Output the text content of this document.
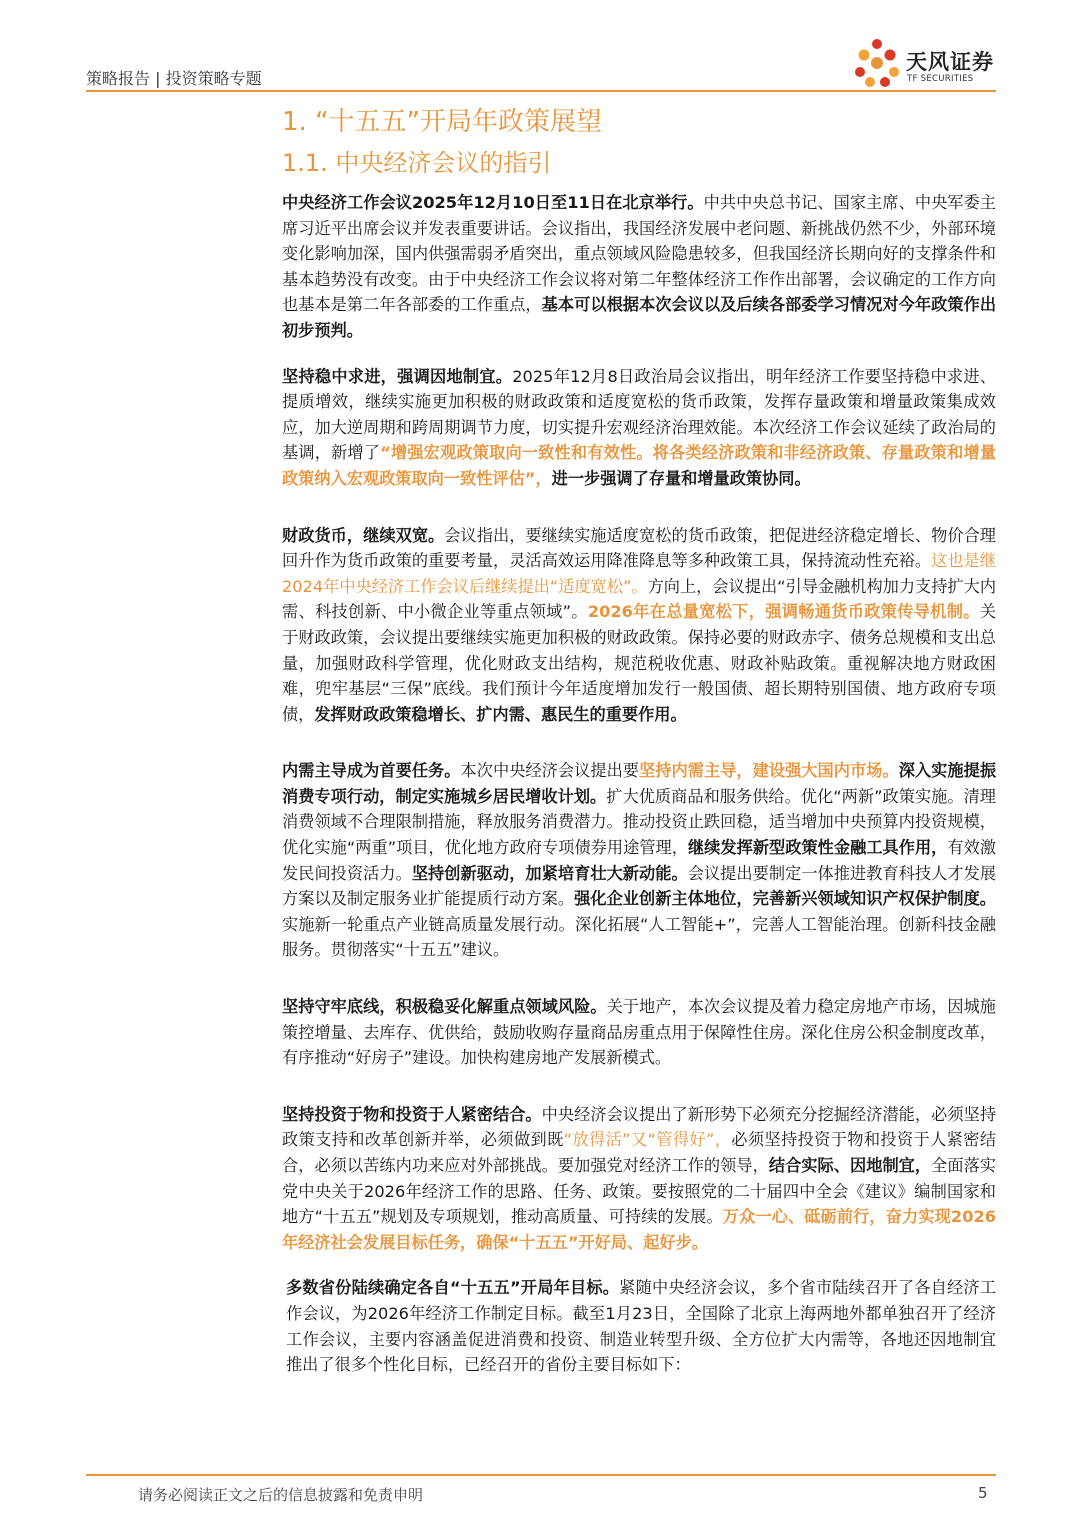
策略报告 | 投资策略专题
天风证券
TF SECURITIES
1. “十五五”开局年政策展望
1.1. 中央经济会议的指引

中央经济工作会议2025年12月10日至11日在北京举行。中共中央总书记、国家主席、中央军委主席习近平出席会议并发表重要讲话。会议指出，我国经济发展中老问题、新挑战仍然不少，外部环境变化影响加深，国内供强需弱矛盾突出，重点领域风险隐患较多，但我国经济长期向好的支撑条件和基本趋势没有改变。由于中央经济工作会议将对第二年整体经济工作作出部署，会议确定的工作方向也基本是第二年各部委的工作重点，基本可以根据本次会议以及后续各部委学习情况对今年政策作出初步预判。

坚持稳中求进，强调因地制宜。2025年12月8日政治局会议指出，明年经济工作要坚持稳中求进、提质增效，继续实施更加积极的财政政策和适度宽松的货币政策，发挥存量政策和增量政策集成效应，加大逆周期和跨周期调节力度，切实提升宏观经济治理效能。本次经济工作会议延续了政治局的基调，新增了“增强宏观政策取向一致性和有效性。将各类经济政策和非经济政策、存量政策和增量政策纳入宏观政策取向一致性评估”，进一步强调了存量和增量政策协同。

财政货币，继续双宽。会议指出，要继续实施适度宽松的货币政策，把促进经济稳定增长、物价合理回升作为货币政策的重要考量，灵活高效运用降准降息等多种政策工具，保持流动性充裕。这也是继2024年中央经济工作会议后继续提出“适度宽松”。方向上，会议提出“引导金融机构加力支持扩大内需、科技创新、中小微企业等重点领域”。2026年在总量宽松下，强调畅通货币政策传导机制。关于财政政策，会议提出要继续实施更加积极的财政政策。保持必要的财政赤字、债务总规模和支出总量，加强财政科学管理，优化财政支出结构，规范税收优惠、财政补贴政策。重视解决地方财政困难，兜牢基层“三保”底线。我们预计今年适度增加发行一般国债、超长期特别国债、地方政府专项债，发挥财政政策稳增长、扩内需、惠民生的重要作用。

内需主导成为首要任务。本次中央经济会议提出要坚持内需主导，建设强大国内市场。深入实施提振消费专项行动，制定实施城乡居民增收计划。扩大优质商品和服务供给。优化“两新”政策实施。清理消费领域不合理限制措施，释放服务消费潜力。推动投资止跌回稳，适当增加中央预算内投资规模，优化实施“两重”项目，优化地方政府专项债券用途管理，继续发挥新型政策性金融工具作用，有效激发民间投资活力。坚持创新驱动，加紧培育壮大新动能。会议提出要制定一体推进教育科技人才发展方案以及制定服务业扩能提质行动方案。强化企业创新主体地位，完善新兴领域知识产权保护制度。实施新一轮重点产业链高质量发展行动。深化拓展“人工智能+”，完善人工智能治理。创新科技金融服务。贯彻落实“十五五”建议。

坚持守牢底线，积极稳妥化解重点领域风险。关于地产，本次会议提及着力稳定房地产市场，因城施策控增量、去库存、优供给，鼓励收购存量商品房重点用于保障性住房。深化住房公积金制度改革，有序推动“好房子”建设。加快构建房地产发展新模式。

坚持投资于物和投资于人紧密结合。中央经济会议提出了新形势下必须充分挖掘经济潜能，必须坚持政策支持和改革创新并举，必须做到既“放得活”又“管得好”，必须坚持投资于物和投资于人紧密结合，必须以苦练内功来应对外部挑战。要加强党对经济工作的领导，结合实际、因地制宜，全面落实党中央关于2026年经济工作的思路、任务、政策。要按照党的二十届四中全会《建议》编制国家和地方“十五五”规划及专项规划，推动高质量、可持续的发展。万众一心、砥砺前行，奋力实现2026年经济社会发展目标任务，确保“十五五”开好局、起好步。

多数省份陆续确定各自“十五五”开局年目标。紧随中央经济会议，多个省市陆续召开了各自经济工作会议，为2026年经济工作制定目标。截至1月23日，全国除了北京上海两地外都单独召开了经济工作会议，主要内容涵盖促进消费和投资、制造业转型升级、全方位扩大内需等，各地还因地制宜推出了很多个性化目标，已经召开的省份主要目标如下：

请务必阅读正文之后的信息披露和免责申明	5
